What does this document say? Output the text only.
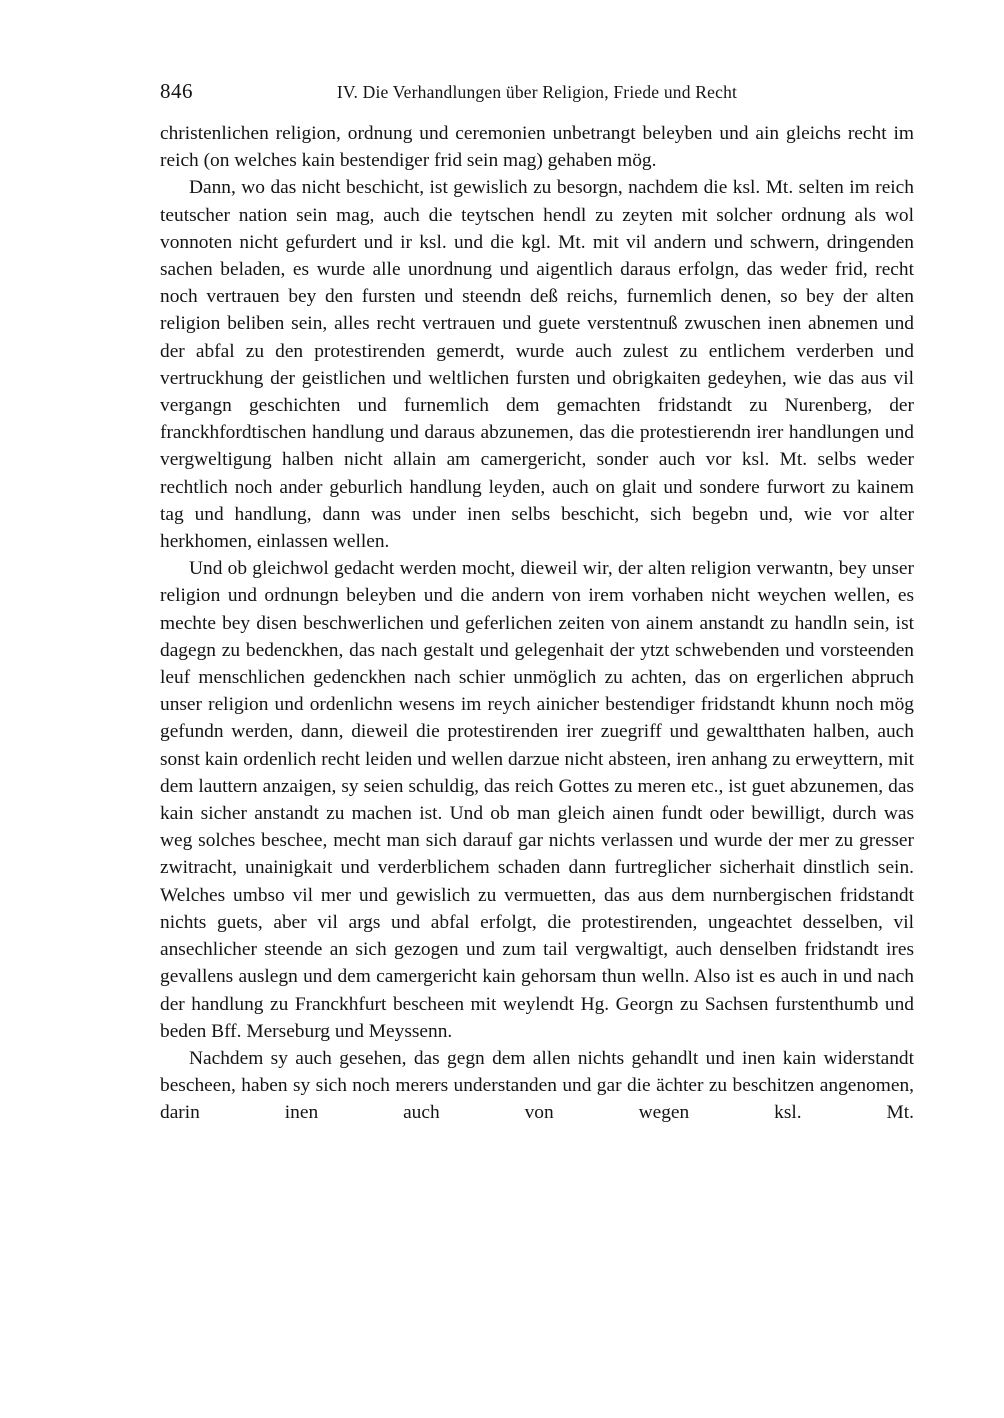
846	IV. Die Verhandlungen über Religion, Friede und Recht

christenlichen religion, ordnung und ceremonien unbetrangt beleyben und ain gleichs recht im reich (on welches kain bestendiger frid sein mag) gehaben mög.

Dann, wo das nicht beschicht, ist gewislich zu besorgn, nachdem die ksl. Mt. selten im reich teutscher nation sein mag, auch die teytschen hendl zu zeyten mit solcher ordnung als wol vonnoten nicht gefurdert und ir ksl. und die kgl. Mt. mit vil andern und schwern, dringenden sachen beladen, es wurde alle unordnung und aigentlich daraus erfolgn, das weder frid, recht noch vertrauen bey den fursten und steendn deß reichs, furnemlich denen, so bey der alten religion beliben sein, alles recht vertrauen und guete verstentnuß zwuschen inen abnemen und der abfal zu den protestirenden gemerdt, wurde auch zulest zu entlichem verderben und vertruckhung der geistlichen und weltlichen fursten und obrigkaiten gedeyhen, wie das aus vil vergangn geschichten und furnemlich dem gemachten fridstandt zu Nurenberg, der franckhfordtischen handlung und daraus abzunemen, das die protestierendn irer handlungen und vergweltigung halben nicht allain am camergericht, sonder auch vor ksl. Mt. selbs weder rechtlich noch ander geburlich handlung leyden, auch on glait und sondere furwort zu kainem tag und handlung, dann was under inen selbs beschicht, sich begebn und, wie vor alter herkhomen, einlassen wellen.

Und ob gleichwol gedacht werden mocht, dieweil wir, der alten religion verwantn, bey unser religion und ordnungn beleyben und die andern von irem vorhaben nicht weychen wellen, es mechte bey disen beschwerlichen und geferlichen zeiten von ainem anstandt zu handln sein, ist dagegn zu bedenckhen, das nach gestalt und gelegenhait der ytzt schwebenden und vorsteenden leuf menschlichen gedenckhen nach schier unmöglich zu achten, das on ergerlichen abpruch unser religion und ordenlichn wesens im reych ainicher bestendiger fridstandt khunn noch mög gefundn werden, dann, dieweil die protestirenden irer zuegriff und gewaltthaten halben, auch sonst kain ordenlich recht leiden und wellen darzue nicht absteen, iren anhang zu erweyttern, mit dem lauttern anzaigen, sy seien schuldig, das reich Gottes zu meren etc., ist guet abzunemen, das kain sicher anstandt zu machen ist. Und ob man gleich ainen fundt oder bewilligt, durch was weg solches beschee, mecht man sich darauf gar nichts verlassen und wurde der mer zu gresser zwitracht, unainigkait und verderblichem schaden dann furtreglicher sicherhait dinstlich sein. Welches umbso vil mer und gewislich zu vermuetten, das aus dem nurnbergischen fridstandt nichts guets, aber vil args und abfal erfolgt, die protestirenden, ungeachtet desselben, vil ansechlicher steende an sich gezogen und zum tail vergwaltigt, auch denselben fridstandt ires gevallens auslegn und dem camergericht kain gehorsam thun welln. Also ist es auch in und nach der handlung zu Franckhfurt bescheen mit weylendt Hg. Georgn zu Sachsen furstenthumb und beden Bff. Merseburg und Meyssenn.

Nachdem sy auch gesehen, das gegn dem allen nichts gehandlt und inen kain widerstandt bescheen, haben sy sich noch merers understanden und gar die ächter zu beschitzen angenomen, darin inen auch von wegen ksl. Mt.
